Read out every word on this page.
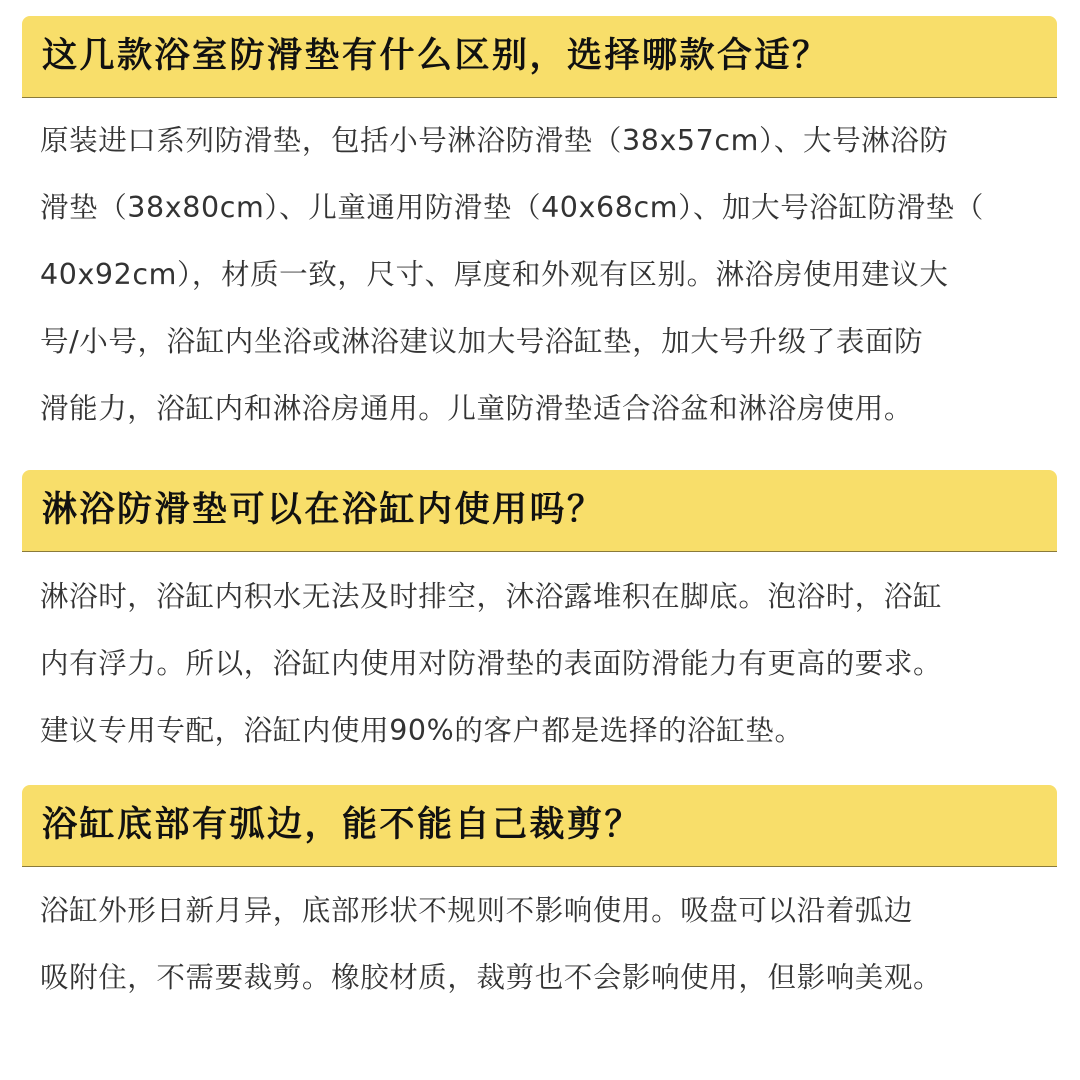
这几款浴室防滑垫有什么区别，选择哪款合适？
原装进口系列防滑垫，包括小号淋浴防滑垫（38x57cm）、大号淋浴防
滑垫（38x80cm）、儿童通用防滑垫（40x68cm）、加大号浴缸防滑垫（
40x92cm），材质一致，尺寸、厚度和外观有区别。淋浴房使用建议大
号/小号，浴缸内坐浴或淋浴建议加大号浴缸垫，加大号升级了表面防
滑能力，浴缸内和淋浴房通用。儿童防滑垫适合浴盆和淋浴房使用。
淋浴防滑垫可以在浴缸内使用吗？
淋浴时，浴缸内积水无法及时排空，沐浴露堆积在脚底。泡浴时，浴缸
内有浮力。所以，浴缸内使用对防滑垫的表面防滑能力有更高的要求。
建议专用专配，浴缸内使用90%的客户都是选择的浴缸垫。
浴缸底部有弧边，能不能自己裁剪？
浴缸外形日新月异，底部形状不规则不影响使用。吸盘可以沿着弧边
吸附住，不需要裁剪。橡胶材质，裁剪也不会影响使用，但影响美观。
